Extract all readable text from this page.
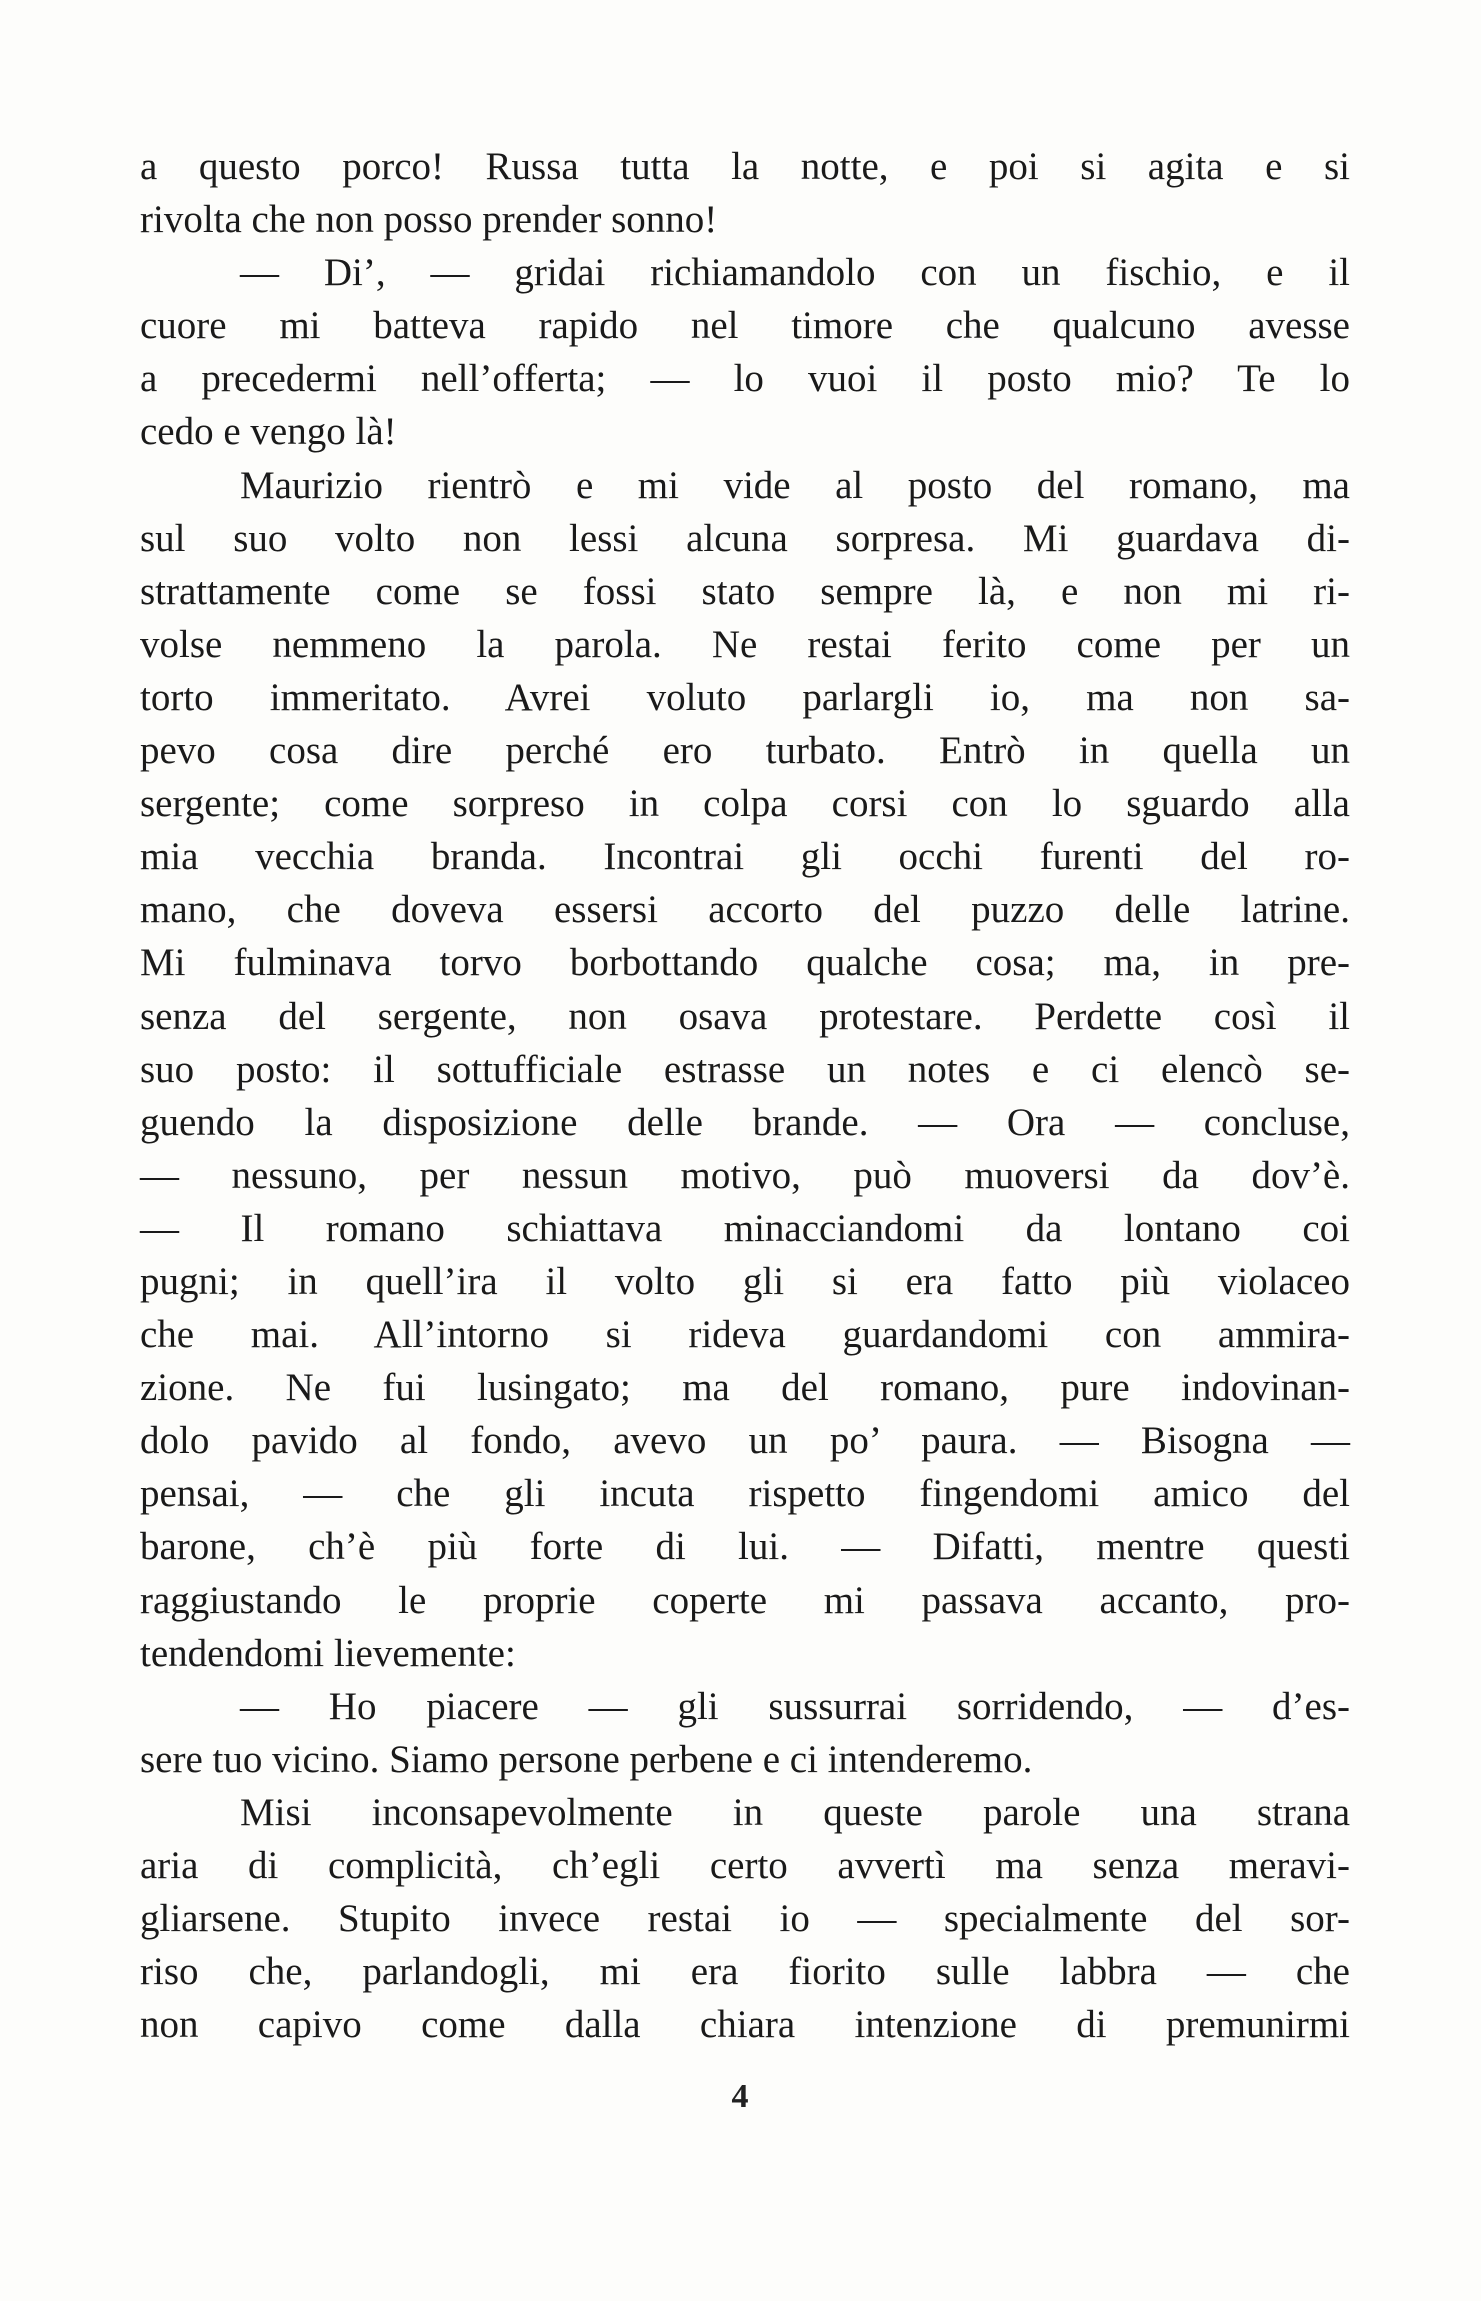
a questo porco! Russa tutta la notte, e poi si agita e si
rivolta che non posso prender sonno!
— Di’, — gridai richiamandolo con un fischio, e il
cuore mi batteva rapido nel timore che qualcuno avesse
a precedermi nell’offerta; — lo vuoi il posto mio? Te lo
cedo e vengo là!
Maurizio rientrò e mi vide al posto del romano, ma
sul suo volto non lessi alcuna sorpresa. Mi guardava di-
strattamente come se fossi stato sempre là, e non mi ri-
volse nemmeno la parola. Ne restai ferito come per un
torto immeritato. Avrei voluto parlargli io, ma non sa-
pevo cosa dire perché ero turbato. Entrò in quella un
sergente; come sorpreso in colpa corsi con lo sguardo alla
mia vecchia branda. Incontrai gli occhi furenti del ro-
mano, che doveva essersi accorto del puzzo delle latrine.
Mi fulminava torvo borbottando qualche cosa; ma, in pre-
senza del sergente, non osava protestare. Perdette così il
suo posto: il sottufficiale estrasse un notes e ci elencò se-
guendo la disposizione delle brande. — Ora — concluse,
— nessuno, per nessun motivo, può muoversi da dov’è.
— Il romano schiattava minacciandomi da lontano coi
pugni; in quell’ira il volto gli si era fatto più violaceo
che mai. All’intorno si rideva guardandomi con ammira-
zione. Ne fui lusingato; ma del romano, pure indovinan-
dolo pavido al fondo, avevo un po’ paura. — Bisogna —
pensai, — che gli incuta rispetto fingendomi amico del
barone, ch’è più forte di lui. — Difatti, mentre questi
raggiustando le proprie coperte mi passava accanto, pro-
tendendomi lievemente:
— Ho piacere — gli sussurrai sorridendo, — d’es-
sere tuo vicino. Siamo persone perbene e ci intenderemo.
Misi inconsapevolmente in queste parole una strana
aria di complicità, ch’egli certo avvertì ma senza meravi-
gliarsene. Stupito invece restai io — specialmente del sor-
riso che, parlandogli, mi era fiorito sulle labbra — che
non capivo come dalla chiara intenzione di premunirmi
4
